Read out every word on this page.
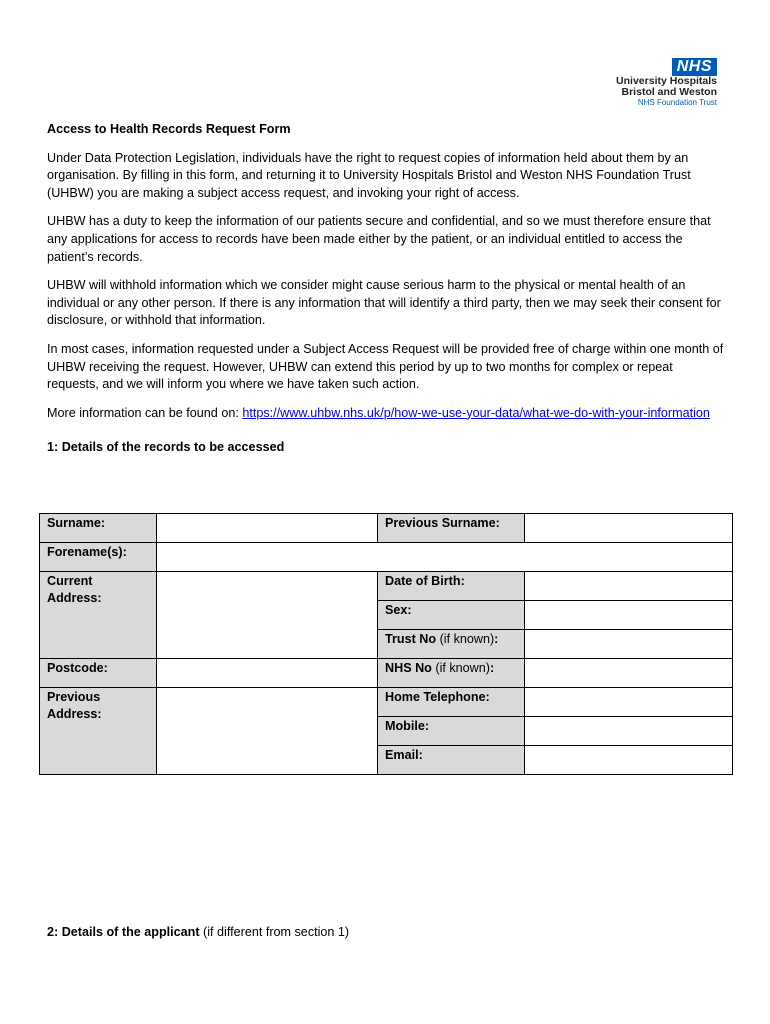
NHS
University Hospitals
Bristol and Weston
NHS Foundation Trust
Access to Health Records Request Form

Under Data Protection Legislation, individuals have the right to request copies of information held about them by an organisation. By filling in this form, and returning it to University Hospitals Bristol and Weston NHS Foundation Trust (UHBW) you are making a subject access request, and invoking your right of access.

UHBW has a duty to keep the information of our patients secure and confidential, and so we must therefore ensure that any applications for access to records have been made either by the patient, or an individual entitled to access the patient’s records.

UHBW will withhold information which we consider might cause serious harm to the physical or mental health of an individual or any other person. If there is any information that will identify a third party, then we may seek their consent for disclosure, or withhold that information.

In most cases, information requested under a Subject Access Request will be provided free of charge within one month of UHBW receiving the request. However, UHBW can extend this period by up to two months for complex or repeat requests, and we will inform you where we have taken such action.

More information can be found on: https://www.uhbw.nhs.uk/p/how-we-use-your-data/what-we-do-with-your-information

1: Details of the records to be accessed
Surname:		Previous Surname:	
Forename(s):			
Current Address:		Date of Birth:	
		Sex:	
		Trust No (if known):	
Postcode:		NHS No (if known):	
Previous Address:		Home Telephone:	
		Mobile:	
		Email:	
2: Details of the applicant (if different from section 1)
